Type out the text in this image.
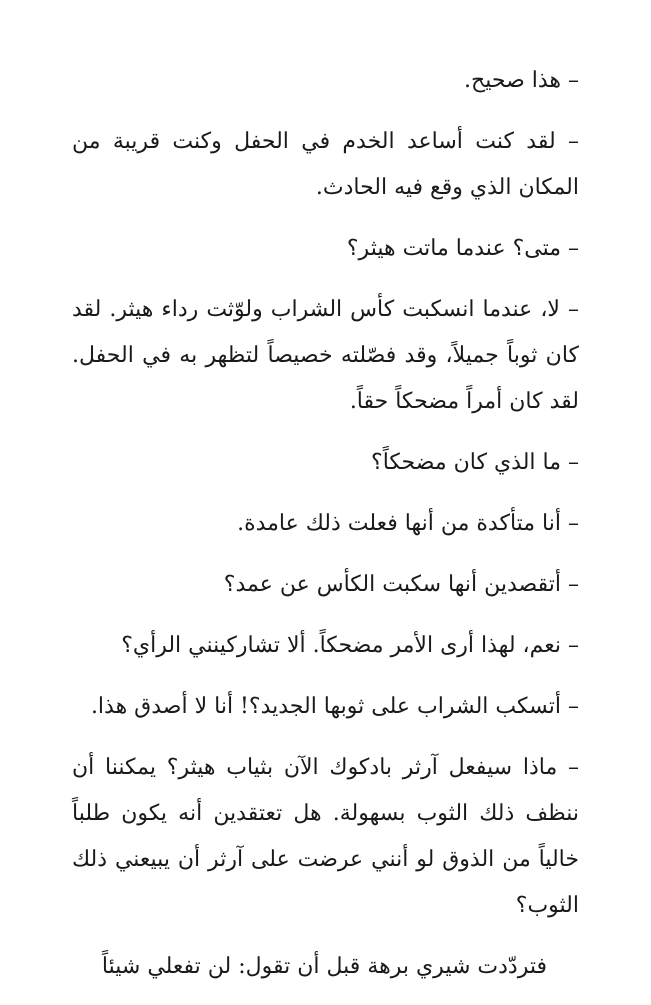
– هذا صحيح.

– لقد كنت أساعد الخدم في الحفل وكنت قريبة من المكان الذي وقع فيه الحادث.

– متى؟ عندما ماتت هيثر؟

– لا، عندما انسكبت كأس الشراب ولوّثت رداء هيثر. لقد كان ثوباً جميلاً، وقد فصّلته خصيصاً لتظهر به في الحفل. لقد كان أمراً مضحكاً حقاً.

– ما الذي كان مضحكاً؟

– أنا متأكدة من أنها فعلت ذلك عامدة.

– أتقصدين أنها سكبت الكأس عن عمد؟

– نعم، لهذا أرى الأمر مضحكاً. ألا تشاركينني الرأي؟

– أتسكب الشراب على ثوبها الجديد؟! أنا لا أصدق هذا.

– ماذا سيفعل آرثر بادكوك الآن بثياب هيثر؟ يمكننا أن ننظف ذلك الثوب بسهولة. هل تعتقدين أنه يكون طلباً خالياً من الذوق لو أنني عرضت على آرثر أن يبيعني ذلك الثوب؟

فتردّدت شيري برهة قبل أن تقول: لن تفعلي شيئاً
